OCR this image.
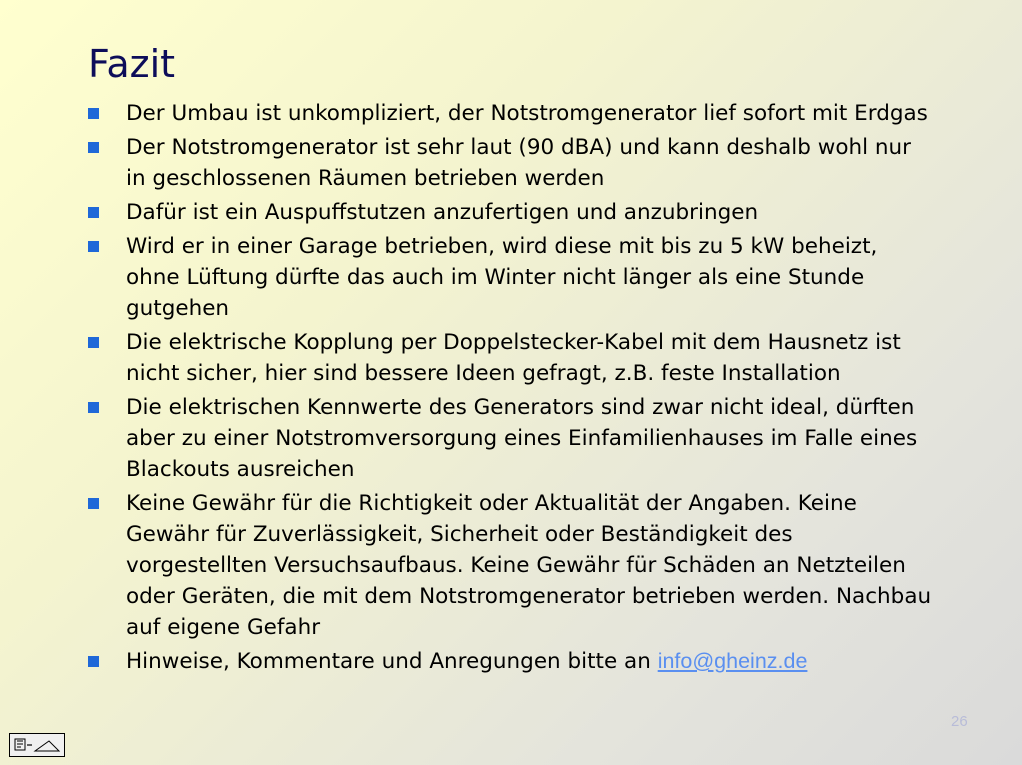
Fazit
Der Umbau ist unkompliziert, der Notstromgenerator lief sofort mit Erdgas
Der Notstromgenerator ist sehr laut (90 dBA) und kann deshalb wohl nur
in geschlossenen Räumen betrieben werden
Dafür ist ein Auspuffstutzen anzufertigen und anzubringen
Wird er in einer Garage betrieben, wird diese mit bis zu 5 kW beheizt,
ohne Lüftung dürfte das auch im Winter nicht länger als eine Stunde
gutgehen
Die elektrische Kopplung per Doppelstecker-Kabel mit dem Hausnetz ist
nicht sicher, hier sind bessere Ideen gefragt, z.B. feste Installation
Die elektrischen Kennwerte des Generators sind zwar nicht ideal, dürften
aber zu einer Notstromversorgung eines Einfamilienhauses im Falle eines
Blackouts ausreichen
Keine Gewähr für die Richtigkeit oder Aktualität der Angaben. Keine
Gewähr für Zuverlässigkeit, Sicherheit oder Beständigkeit des
vorgestellten Versuchsaufbaus. Keine Gewähr für Schäden an Netzteilen
oder Geräten, die mit dem Notstromgenerator betrieben werden. Nachbau
auf eigene Gefahr
Hinweise, Kommentare und Anregungen bitte an info@gheinz.de
26
